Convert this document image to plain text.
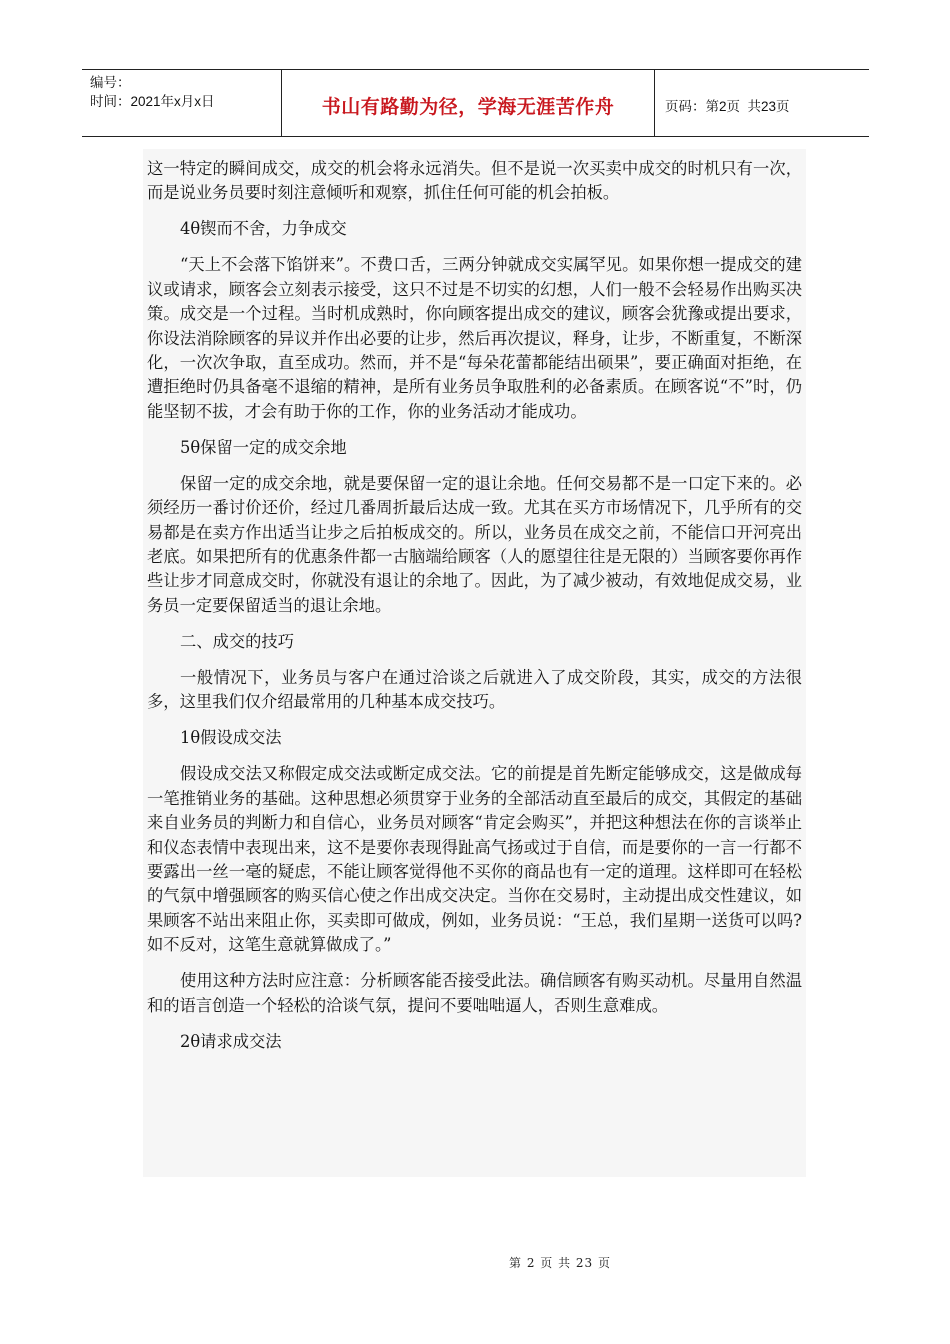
编号：
时间：2021年x月x日	书山有路勤为径，学海无涯苦作舟	页码：第2页  共23页

这一特定的瞬间成交，成交的机会将永远消失。但不是说一次买卖中成交的时机只有一次，而是说业务员要时刻注意倾听和观察，抓住任何可能的机会拍板。

4θ锲而不舍，力争成交

“天上不会落下馅饼来”。不费口舌，三两分钟就成交实属罕见。如果你想一提成交的建议或请求，顾客会立刻表示接受，这只不过是不切实的幻想，人们一般不会轻易作出购买决策。成交是一个过程。当时机成熟时，你向顾客提出成交的建议，顾客会犹豫或提出要求，你设法消除顾客的异议并作出必要的让步，然后再次提议，释身，让步，不断重复，不断深化，一次次争取，直至成功。然而，并不是“每朵花蕾都能结出硕果”，要正确面对拒绝，在遭拒绝时仍具备毫不退缩的精神，是所有业务员争取胜利的必备素质。在顾客说“不”时，仍能坚韧不拔，才会有助于你的工作，你的业务活动才能成功。

5θ保留一定的成交余地

保留一定的成交余地，就是要保留一定的退让余地。任何交易都不是一口定下来的。必须经历一番讨价还价，经过几番周折最后达成一致。尤其在买方市场情况下，几乎所有的交易都是在卖方作出适当让步之后拍板成交的。所以，业务员在成交之前，不能信口开河亮出老底。如果把所有的优惠条件都一古脑端给顾客（人的愿望往往是无限的）当顾客要你再作些让步才同意成交时，你就没有退让的余地了。因此，为了减少被动，有效地促成交易，业务员一定要保留适当的退让余地。

二、成交的技巧

一般情况下，业务员与客户在通过洽谈之后就进入了成交阶段，其实，成交的方法很多，这里我们仅介绍最常用的几种基本成交技巧。

1θ假设成交法

假设成交法又称假定成交法或断定成交法。它的前提是首先断定能够成交，这是做成每一笔推销业务的基础。这种思想必须贯穿于业务的全部活动直至最后的成交，其假定的基础来自业务员的判断力和自信心，业务员对顾客“肯定会购买”，并把这种想法在你的言谈举止和仪态表情中表现出来，这不是要你表现得趾高气扬或过于自信，而是要你的一言一行都不要露出一丝一毫的疑虑，不能让顾客觉得他不买你的商品也有一定的道理。这样即可在轻松的气氛中增强顾客的购买信心使之作出成交决定。当你在交易时，主动提出成交性建议，如果顾客不站出来阻止你，买卖即可做成，例如，业务员说：“王总，我们星期一送货可以吗?如不反对，这笔生意就算做成了。”

使用这种方法时应注意：分析顾客能否接受此法。确信顾客有购买动机。尽量用自然温和的语言创造一个轻松的洽谈气氛，提问不要咄咄逼人，否则生意难成。

2θ请求成交法

第 2 页 共 23 页
